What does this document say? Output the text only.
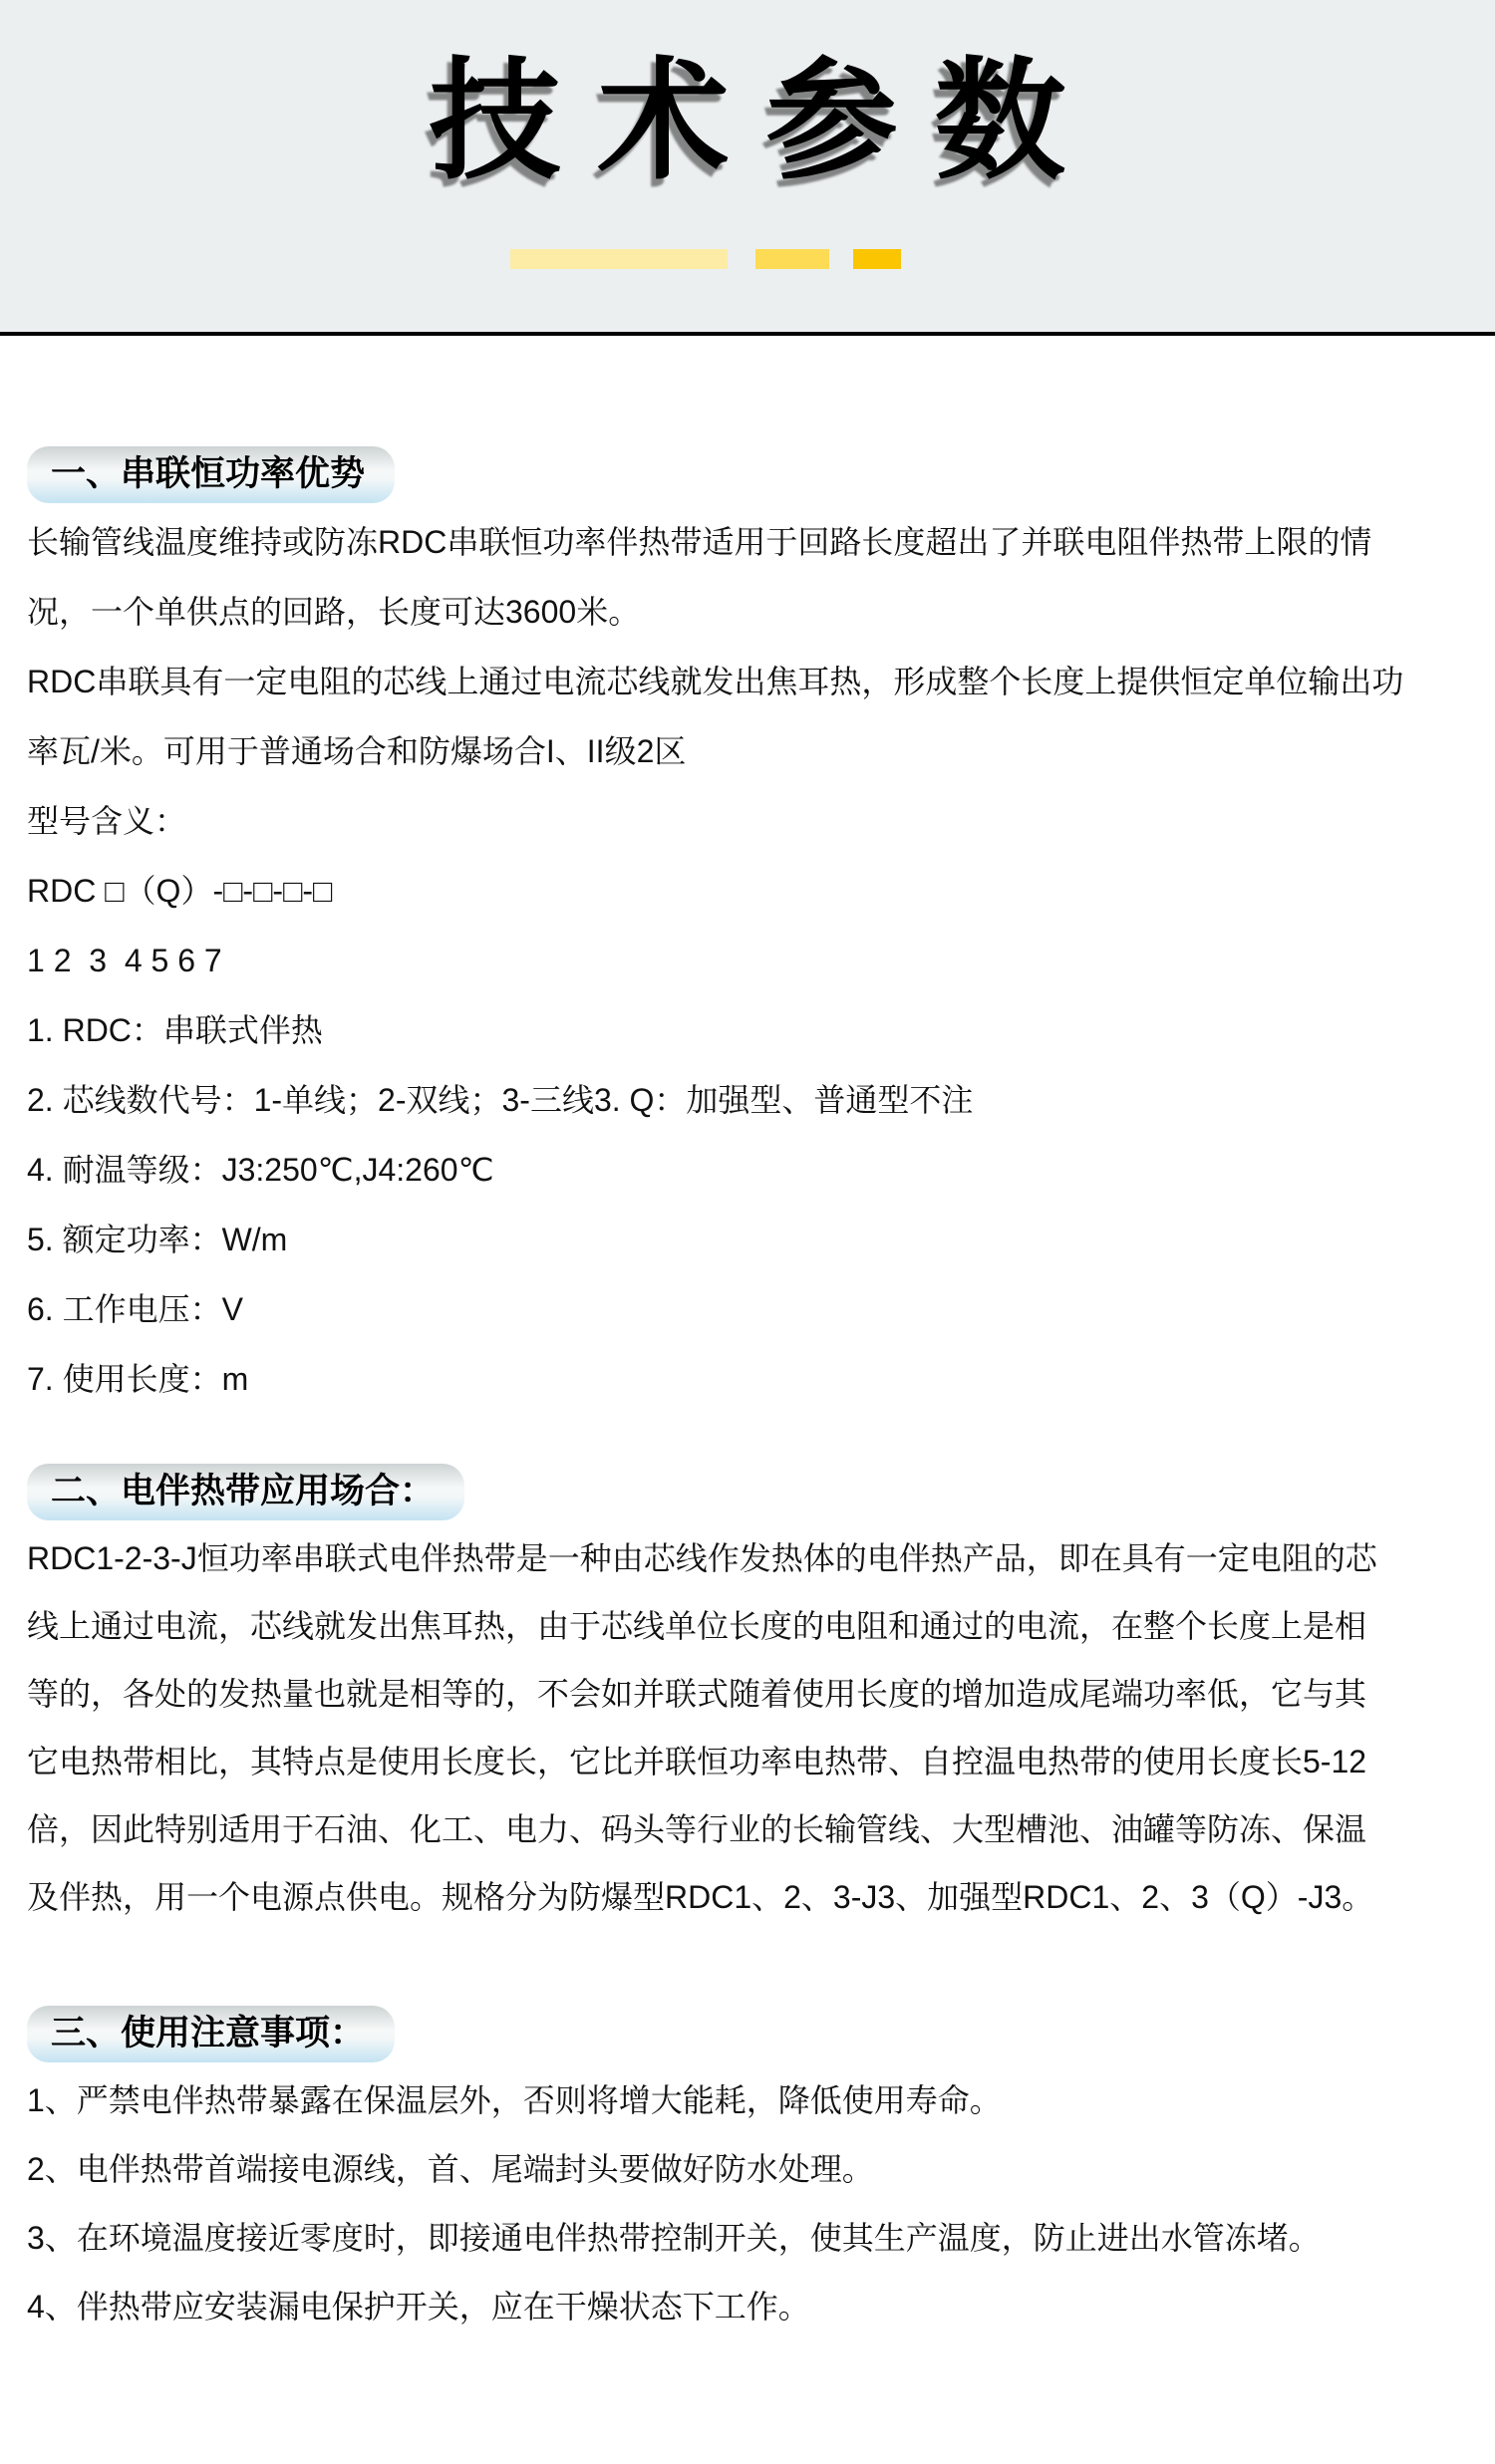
技术参数
一、串联恒功率优势
长输管线温度维持或防冻RDC串联恒功率伴热带适用于回路长度超出了并联电阻伴热带上限的情
况，一个单供点的回路，长度可达3600米。
RDC串联具有一定电阻的芯线上通过电流芯线就发出焦耳热，形成整个长度上提供恒定单位输出功
率瓦/米。可用于普通场合和防爆场合I、II级2区
型号含义：
RDC □（Q）-□-□-□-□
1 2  3  4 5 6 7
1. RDC：串联式伴热
2. 芯线数代号：1-单线；2-双线；3-三线3. Q：加强型、普通型不注
4. 耐温等级：J3:250℃,J4:260℃
5. 额定功率：W/m
6. 工作电压：V
7. 使用长度：m
二、电伴热带应用场合：
RDC1-2-3-J恒功率串联式电伴热带是一种由芯线作发热体的电伴热产品，即在具有一定电阻的芯
线上通过电流，芯线就发出焦耳热，由于芯线单位长度的电阻和通过的电流，在整个长度上是相
等的，各处的发热量也就是相等的，不会如并联式随着使用长度的增加造成尾端功率低，它与其
它电热带相比，其特点是使用长度长，它比并联恒功率电热带、自控温电热带的使用长度长5-12
倍，因此特别适用于石油、化工、电力、码头等行业的长输管线、大型槽池、油罐等防冻、保温
及伴热，用一个电源点供电。规格分为防爆型RDC1、2、3-J3、加强型RDC1、2、3（Q）-J3。
三、使用注意事项：
1、严禁电伴热带暴露在保温层外，否则将增大能耗，降低使用寿命。
2、电伴热带首端接电源线，首、尾端封头要做好防水处理。
3、在环境温度接近零度时，即接通电伴热带控制开关，使其生产温度，防止进出水管冻堵。
4、伴热带应安装漏电保护开关，应在干燥状态下工作。
